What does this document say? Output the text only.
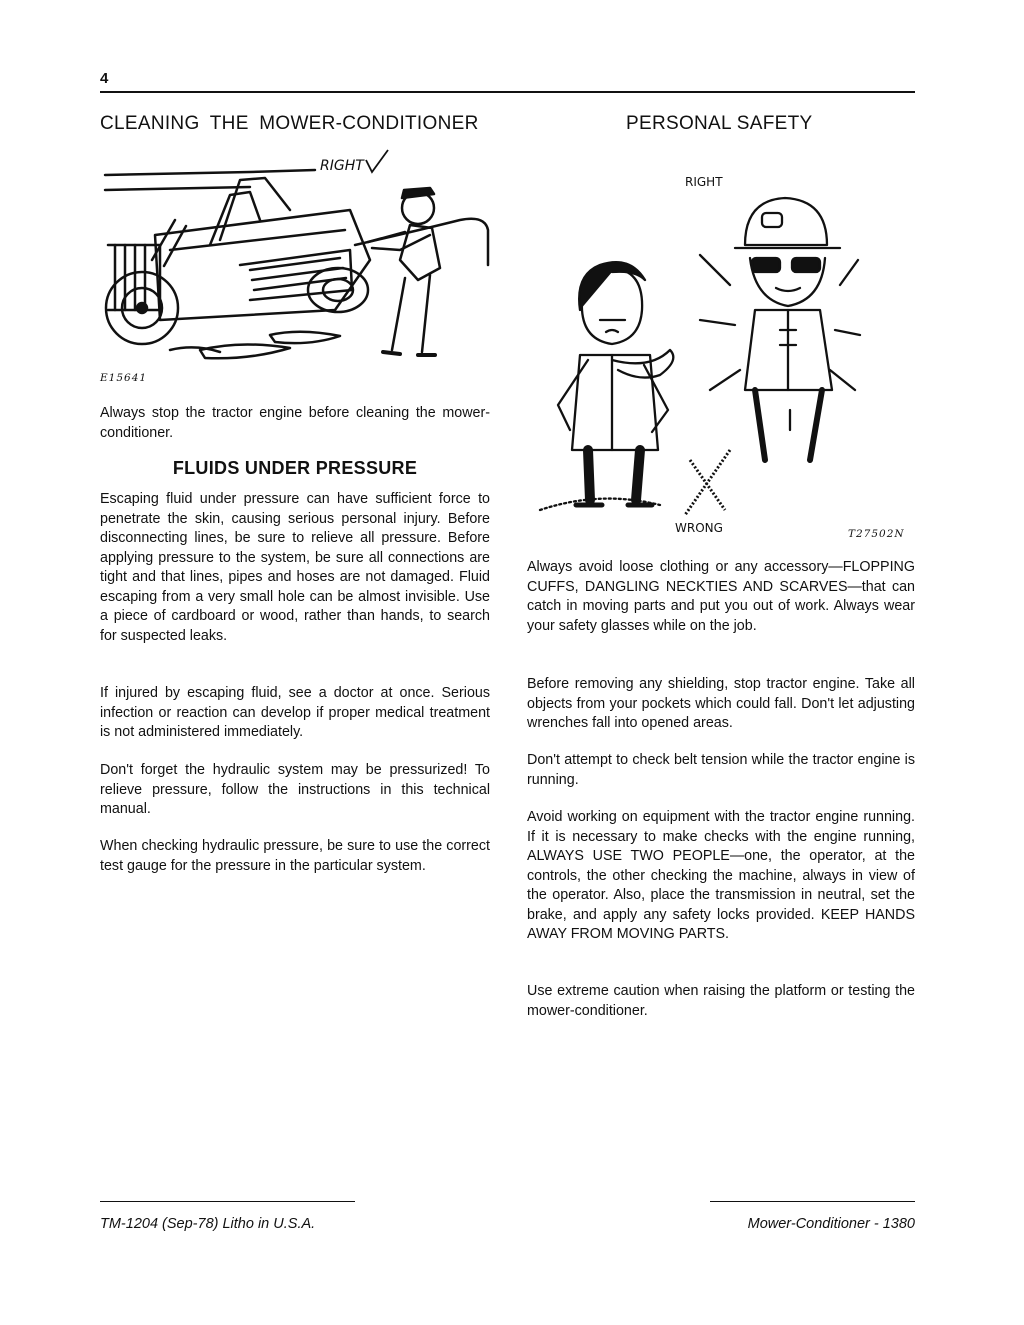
4
CLEANING THE MOWER-CONDITIONER	PERSONAL SAFETY
RIGHT
E15641
RIGHT
WRONG	T27502N
Always stop the tractor engine before cleaning the mower-conditioner.
FLUIDS UNDER PRESSURE
Escaping fluid under pressure can have sufficient force to penetrate the skin, causing serious personal injury. Before disconnecting lines, be sure to relieve all pressure. Before applying pressure to the system, be sure all connections are tight and that lines, pipes and hoses are not damaged. Fluid escaping from a very small hole can be almost invisible. Use a piece of cardboard or wood, rather than hands, to search for suspected leaks.
If injured by escaping fluid, see a doctor at once. Serious infection or reaction can develop if proper medical treatment is not administered immediately.
Don't forget the hydraulic system may be pressurized! To relieve pressure, follow the instructions in this technical manual.
When checking hydraulic pressure, be sure to use the correct test gauge for the pressure in the particular system.
Always avoid loose clothing or any accessory—FLOPPING CUFFS, DANGLING NECKTIES AND SCARVES—that can catch in moving parts and put you out of work. Always wear your safety glasses while on the job.
Before removing any shielding, stop tractor engine. Take all objects from your pockets which could fall. Don't let adjusting wrenches fall into opened areas.
Don't attempt to check belt tension while the tractor engine is running.
Avoid working on equipment with the tractor engine running. If it is necessary to make checks with the engine running, ALWAYS USE TWO PEOPLE—one, the operator, at the controls, the other checking the machine, always in view of the operator. Also, place the transmission in neutral, set the brake, and apply any safety locks provided. KEEP HANDS AWAY FROM MOVING PARTS.
Use extreme caution when raising the platform or testing the mower-conditioner.
TM-1204 (Sep-78) Litho in U.S.A.	Mower-Conditioner - 1380
